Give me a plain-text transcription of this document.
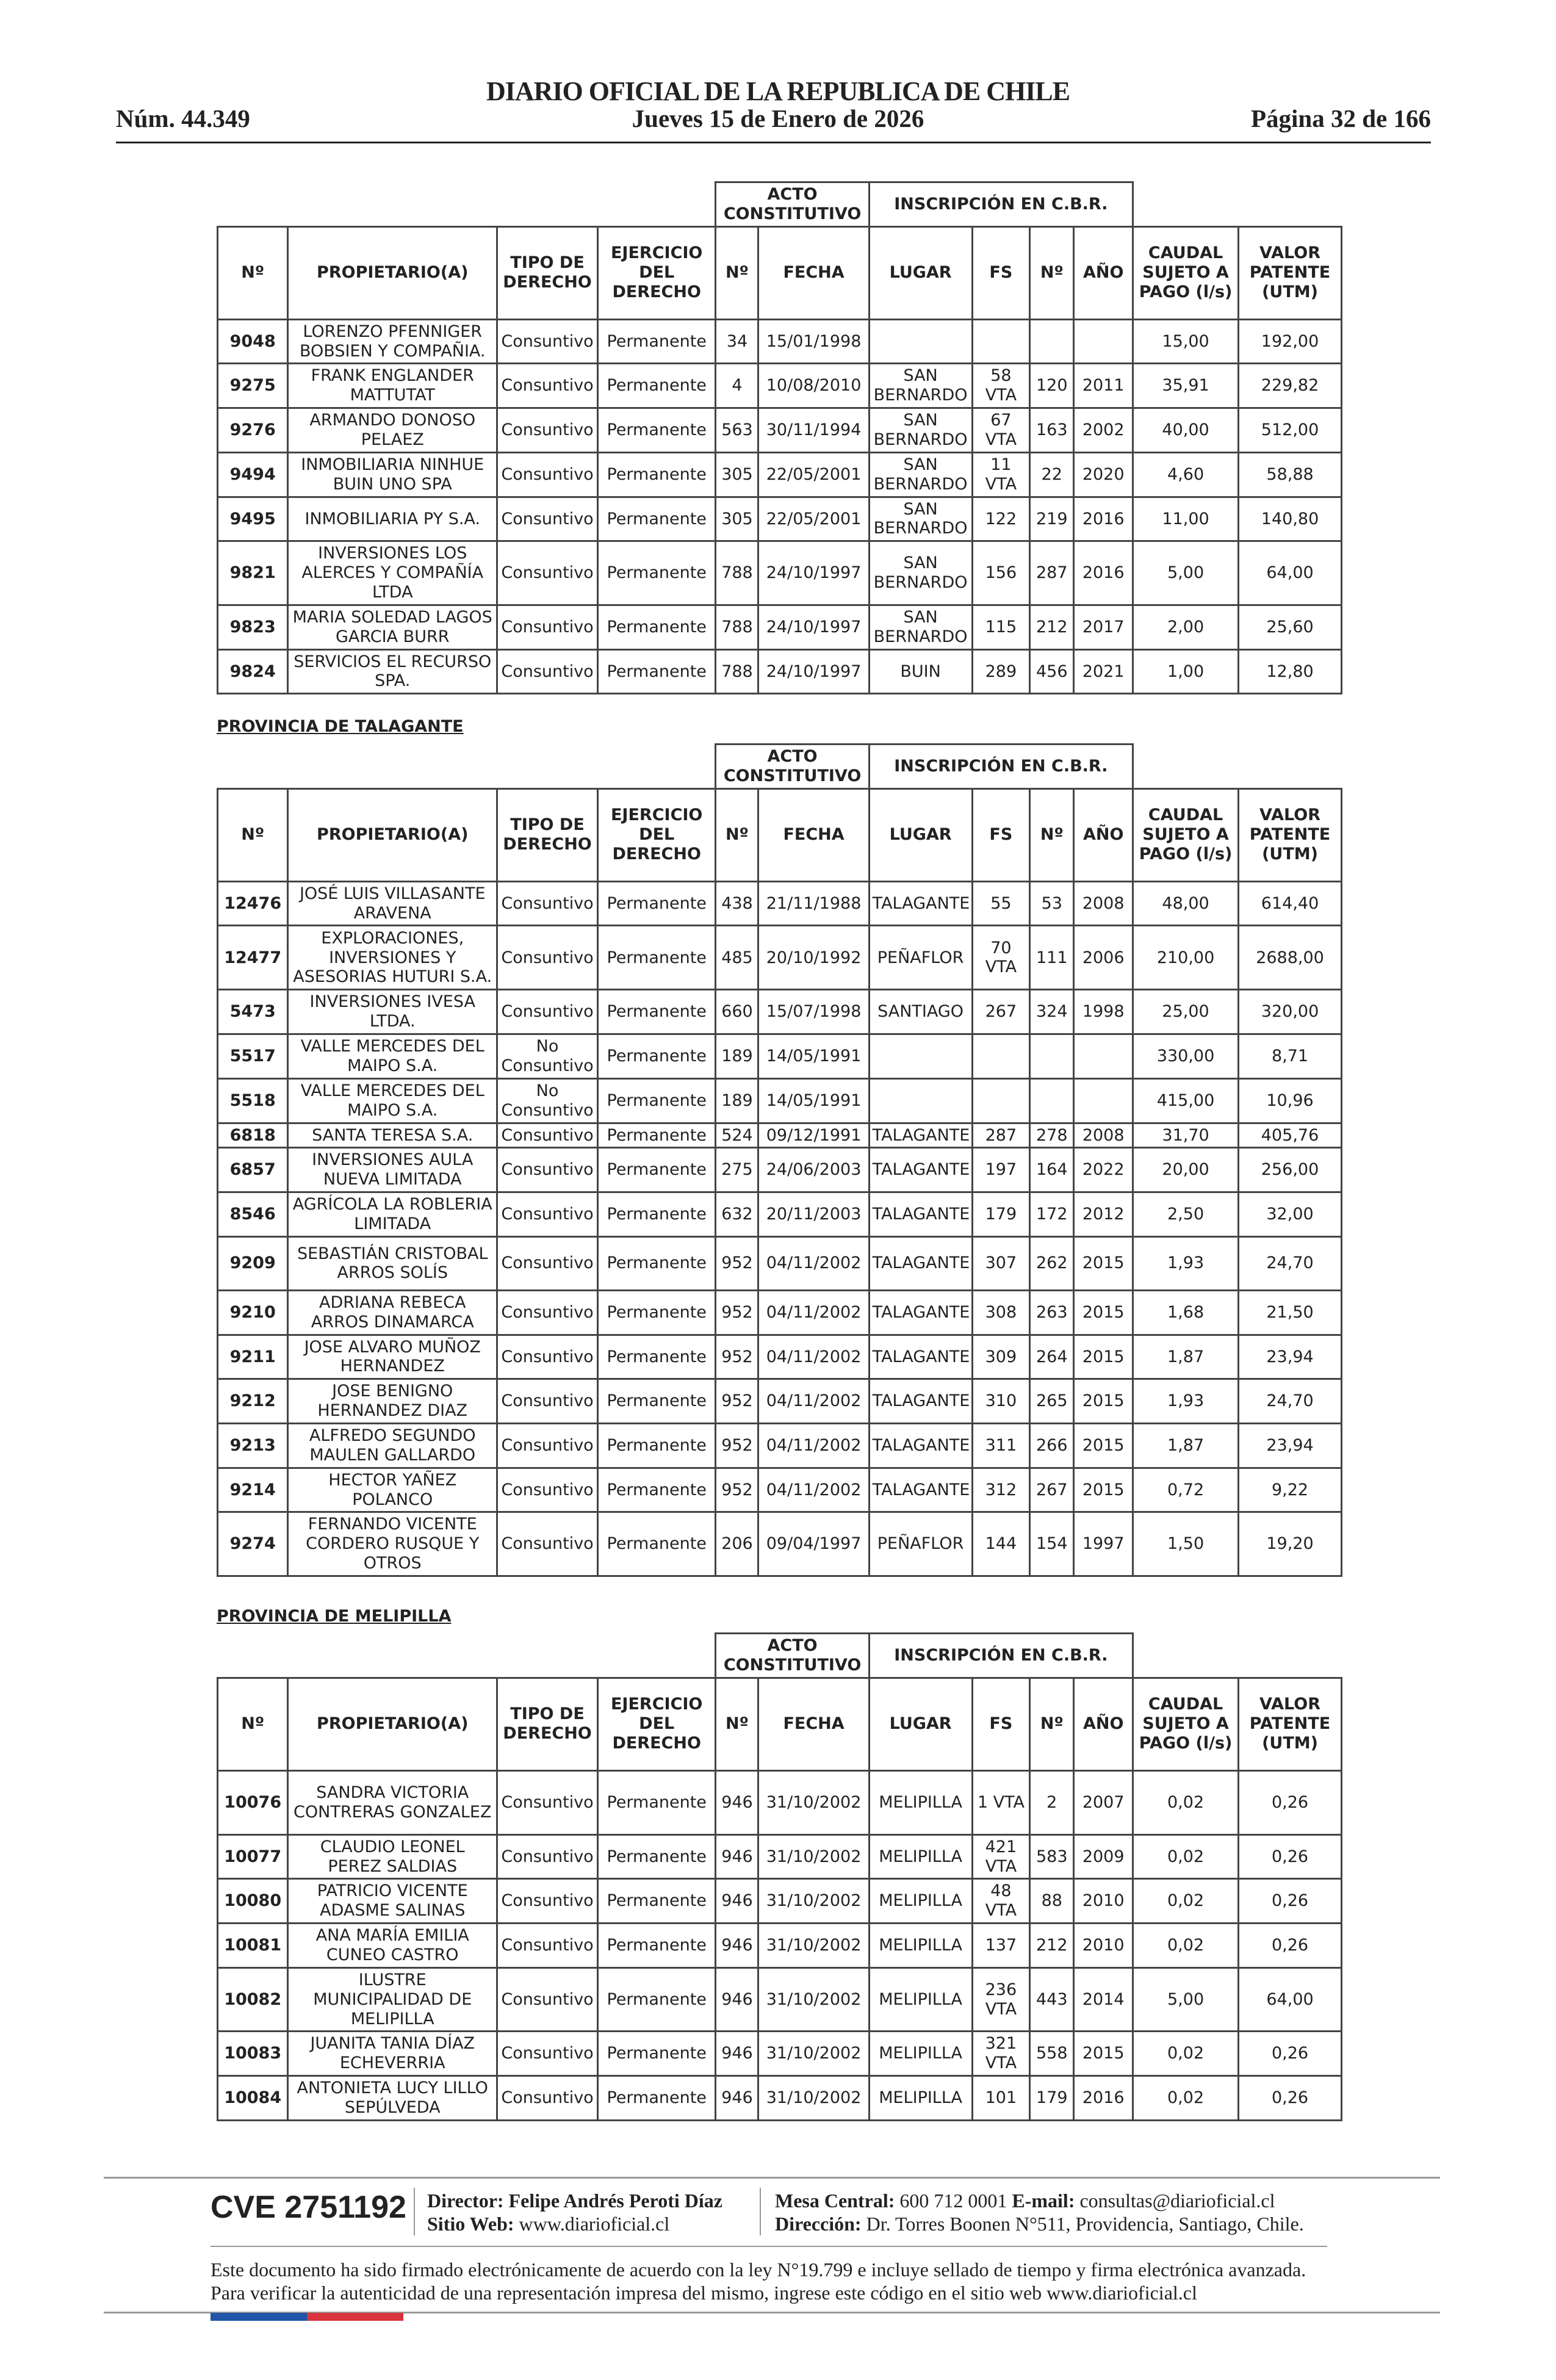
Núm. 44.349
DIARIO OFICIAL DE LA REPUBLICA DE CHILE
Jueves 15 de Enero de 2026	Página 32 de 166
				ACTO CONSTITUTIVO		INSCRIPCIÓN EN C.B.R.					
Nº	PROPIETARIO(A)	TIPO DE DERECHO	EJERCICIO DEL DERECHO	Nº	FECHA	LUGAR	FS	Nº	AÑO	CAUDAL SUJETO A PAGO (l/s)	VALOR PATENTE (UTM)
9048	LORENZO PFENNIGER BOBSIEN Y COMPAÑIA.	Consuntivo	Permanente	34	15/01/1998					15,00	192,00
9275	FRANK ENGLANDER MATTUTAT	Consuntivo	Permanente	4	10/08/2010	SAN BERNARDO	58 VTA	120	2011	35,91	229,82
9276	ARMANDO DONOSO PELAEZ	Consuntivo	Permanente	563	30/11/1994	SAN BERNARDO	67 VTA	163	2002	40,00	512,00
9494	INMOBILIARIA NINHUE BUIN UNO SPA	Consuntivo	Permanente	305	22/05/2001	SAN BERNARDO	11 VTA	22	2020	4,60	58,88
9495	INMOBILIARIA PY S.A.	Consuntivo	Permanente	305	22/05/2001	SAN BERNARDO	122	219	2016	11,00	140,80
9821	INVERSIONES LOS ALERCES Y COMPAÑÍA LTDA	Consuntivo	Permanente	788	24/10/1997	SAN BERNARDO	156	287	2016	5,00	64,00
9823	MARIA SOLEDAD LAGOS GARCIA BURR	Consuntivo	Permanente	788	24/10/1997	SAN BERNARDO	115	212	2017	2,00	25,60
9824	SERVICIOS EL RECURSO SPA.	Consuntivo	Permanente	788	24/10/1997	BUIN	289	456	2021	1,00	12,80
PROVINCIA DE TALAGANTE
				ACTO CONSTITUTIVO		INSCRIPCIÓN EN C.B.R.					
Nº	PROPIETARIO(A)	TIPO DE DERECHO	EJERCICIO DEL DERECHO	Nº	FECHA	LUGAR	FS	Nº	AÑO	CAUDAL SUJETO A PAGO (l/s)	VALOR PATENTE (UTM)
12476	JOSÉ LUIS VILLASANTE ARAVENA	Consuntivo	Permanente	438	21/11/1988	TALAGANTE	55	53	2008	48,00	614,40
12477	EXPLORACIONES, INVERSIONES Y ASESORIAS HUTURI S.A.	Consuntivo	Permanente	485	20/10/1992	PEÑAFLOR	70 VTA	111	2006	210,00	2688,00
5473	INVERSIONES IVESA LTDA.	Consuntivo	Permanente	660	15/07/1998	SANTIAGO	267	324	1998	25,00	320,00
5517	VALLE MERCEDES DEL MAIPO S.A.	No Consuntivo	Permanente	189	14/05/1991					330,00	8,71
5518	VALLE MERCEDES DEL MAIPO S.A.	No Consuntivo	Permanente	189	14/05/1991					415,00	10,96
6818	SANTA TERESA S.A.	Consuntivo	Permanente	524	09/12/1991	TALAGANTE	287	278	2008	31,70	405,76
6857	INVERSIONES AULA NUEVA LIMITADA	Consuntivo	Permanente	275	24/06/2003	TALAGANTE	197	164	2022	20,00	256,00
8546	AGRÍCOLA LA ROBLERIA LIMITADA	Consuntivo	Permanente	632	20/11/2003	TALAGANTE	179	172	2012	2,50	32,00
9209	SEBASTIÁN CRISTOBAL ARROS SOLÍS	Consuntivo	Permanente	952	04/11/2002	TALAGANTE	307	262	2015	1,93	24,70
9210	ADRIANA REBECA ARROS DINAMARCA	Consuntivo	Permanente	952	04/11/2002	TALAGANTE	308	263	2015	1,68	21,50
9211	JOSE ALVARO MUÑOZ HERNANDEZ	Consuntivo	Permanente	952	04/11/2002	TALAGANTE	309	264	2015	1,87	23,94
9212	JOSE BENIGNO HERNANDEZ DIAZ	Consuntivo	Permanente	952	04/11/2002	TALAGANTE	310	265	2015	1,93	24,70
9213	ALFREDO SEGUNDO MAULEN GALLARDO	Consuntivo	Permanente	952	04/11/2002	TALAGANTE	311	266	2015	1,87	23,94
9214	HECTOR YAÑEZ POLANCO	Consuntivo	Permanente	952	04/11/2002	TALAGANTE	312	267	2015	0,72	9,22
9274	FERNANDO VICENTE CORDERO RUSQUE Y OTROS	Consuntivo	Permanente	206	09/04/1997	PEÑAFLOR	144	154	1997	1,50	19,20
PROVINCIA DE MELIPILLA
				ACTO CONSTITUTIVO		INSCRIPCIÓN EN C.B.R.					
Nº	PROPIETARIO(A)	TIPO DE DERECHO	EJERCICIO DEL DERECHO	Nº	FECHA	LUGAR	FS	Nº	AÑO	CAUDAL SUJETO A PAGO (l/s)	VALOR PATENTE (UTM)
10076	SANDRA VICTORIA CONTRERAS GONZALEZ	Consuntivo	Permanente	946	31/10/2002	MELIPILLA	1 VTA	2	2007	0,02	0,26
10077	CLAUDIO LEONEL PEREZ SALDIAS	Consuntivo	Permanente	946	31/10/2002	MELIPILLA	421 VTA	583	2009	0,02	0,26
10080	PATRICIO VICENTE ADASME SALINAS	Consuntivo	Permanente	946	31/10/2002	MELIPILLA	48 VTA	88	2010	0,02	0,26
10081	ANA MARÍA EMILIA CUNEO CASTRO	Consuntivo	Permanente	946	31/10/2002	MELIPILLA	137	212	2010	0,02	0,26
10082	ILUSTRE MUNICIPALIDAD DE MELIPILLA	Consuntivo	Permanente	946	31/10/2002	MELIPILLA	236 VTA	443	2014	5,00	64,00
10083	JUANITA TANIA DÍAZ ECHEVERRIA	Consuntivo	Permanente	946	31/10/2002	MELIPILLA	321 VTA	558	2015	0,02	0,26
10084	ANTONIETA LUCY LILLO SEPÚLVEDA	Consuntivo	Permanente	946	31/10/2002	MELIPILLA	101	179	2016	0,02	0,26
CVE 2751192 Director: Felipe Andrés Peroti Díaz
Sitio Web: www.diarioficial.cl
Mesa Central: 600 712 0001 E-mail: consultas@diarioficial.cl
Dirección: Dr. Torres Boonen N°511, Providencia, Santiago, Chile.
Este documento ha sido firmado electrónicamente de acuerdo con la ley N°19.799 e incluye sellado de tiempo y firma electrónica avanzada. Para verificar la autenticidad de una representación impresa del mismo, ingrese este código en el sitio web www.diarioficial.cl
